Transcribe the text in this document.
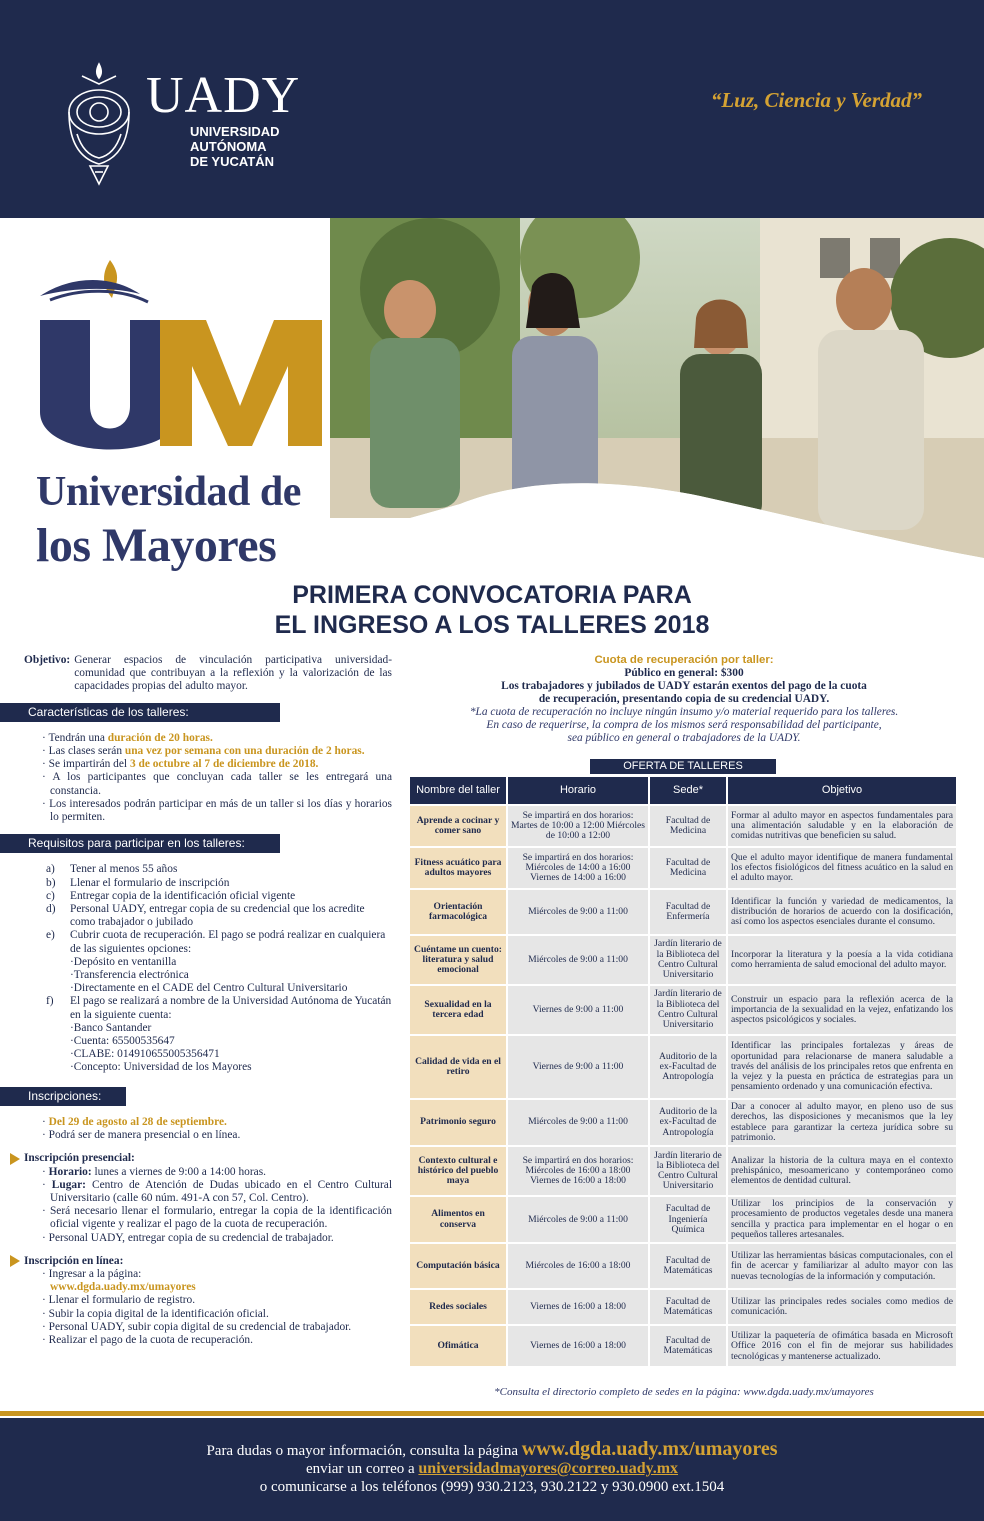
UADY
UNIVERSIDAD
AUTÓNOMA
DE YUCATÁN
“Luz, Ciencia y Verdad”
Universidad de
los Mayores
PRIMERA CONVOCATORIA PARA
EL INGRESO A LOS TALLERES 2018
Objetivo: Generar espacios de vinculación participativa universidad-comunidad que contribuyan a la reflexión y la valorización de las capacidades propias del adulto mayor.
Características de los talleres:
· Tendrán una duración de 20 horas.
· Las clases serán una vez por semana con una duración de 2 horas.
· Se impartirán del 3 de octubre al 7 de diciembre de 2018.
· A los participantes que concluyan cada taller se les entregará una constancia.
· Los interesados podrán participar en más de un taller si los días y horarios lo permiten.
Requisitos para participar en los talleres:
a)	Tener al menos 55 años
b)	Llenar el formulario de inscripción
c)	Entregar copia de la identificación oficial vigente
d)	Personal UADY, entregar copia de su credencial que los acredite como trabajador o jubilado
e)	Cubrir cuota de recuperación. El pago se podrá realizar en cualquiera de las siguientes opciones:
· Depósito en ventanilla
· Transferencia electrónica
· Directamente en el CADE del Centro Cultural Universitario
f)	El pago se realizará a nombre de la Universidad Autónoma de Yucatán en la siguiente cuenta:
· Banco Santander
· Cuenta: 65500535647
· CLABE: 014910655005356471
· Concepto: Universidad de los Mayores
Inscripciones:
· Del 29 de agosto al 28 de septiembre.
· Podrá ser de manera presencial o en línea.
Inscripción presencial:
· Horario: lunes a viernes de 9:00 a 14:00 horas.
· Lugar: Centro de Atención de Dudas ubicado en el Centro Cultural Universitario (calle 60 núm. 491-A con 57, Col. Centro).
· Será necesario llenar el formulario, entregar la copia de la identificación oficial vigente y realizar el pago de la cuota de recuperación.
· Personal UADY, entregar copia de su credencial de trabajador.
Inscripción en línea:
· Ingresar a la página:
www.dgda.uady.mx/umayores
· Llenar el formulario de registro.
· Subir la copia digital de la identificación oficial.
· Personal UADY, subir copia digital de su credencial de trabajador.
· Realizar el pago de la cuota de recuperación.
Cuota de recuperación por taller:
Público en general: $300
Los trabajadores y jubilados de UADY estarán exentos del pago de la cuota
de recuperación, presentando copia de su credencial UADY.
*La cuota de recuperación no incluye ningún insumo y/o material requerido para los talleres.
En caso de requerirse, la compra de los mismos será responsabilidad del participante,
sea público en general o trabajadores de la UADY.
OFERTA DE TALLERES
Nombre del taller	Horario	Sede*	Objetivo
Aprende a cocinar y comer sano	Se impartirá en dos horarios: Martes de 10:00 a 12:00 Miércoles de 10:00 a 12:00	Facultad de Medicina	Formar al adulto mayor en aspectos fundamentales para una alimentación saludable y en la elaboración de comidas nutritivas que beneficien su salud.
Fitness acuático para adultos mayores	Se impartirá en dos horarios: Miércoles de 14:00 a 16:00 Viernes de 14:00 a 16:00	Facultad de Medicina	Que el adulto mayor identifique de manera fundamental los efectos fisiológicos del fitness acuático en la salud en el adulto mayor.
Orientación farmacológica	Miércoles de 9:00 a 11:00	Facultad de Enfermería	Identificar la función y variedad de medicamentos, la distribución de horarios de acuerdo con la dosificación, así como los aspectos esenciales durante el consumo.
Cuéntame un cuento: literatura y salud emocional	Miércoles de 9:00 a 11:00	Jardín literario de la Biblioteca del Centro Cultural Universitario	Incorporar la literatura y la poesía a la vida cotidiana como herramienta de salud emocional del adulto mayor.
Sexualidad en la tercera edad	Viernes de 9:00 a 11:00	Jardín literario de la Biblioteca del Centro Cultural Universitario	Construir un espacio para la reflexión acerca de la importancia de la sexualidad en la vejez, enfatizando los aspectos psicológicos y sociales.
Calidad de vida en el retiro	Viernes de 9:00 a 11:00	Auditorio de la ex-Facultad de Antropología	Identificar las principales fortalezas y áreas de oportunidad para relacionarse de manera saludable a través del análisis de los principales retos que enfrenta en la vejez y la puesta en práctica de estrategias para un pensamiento ordenado y una comunicación efectiva.
Patrimonio seguro	Miércoles de 9:00 a 11:00	Auditorio de la ex-Facultad de Antropología	Dar a conocer al adulto mayor, en pleno uso de sus derechos, las disposiciones y mecanismos que la ley establece para garantizar la certeza jurídica sobre su patrimonio.
Contexto cultural e histórico del pueblo maya	Se impartirá en dos horarios: Miércoles de 16:00 a 18:00 Viernes de 16:00 a 18:00	Jardín literario de la Biblioteca del Centro Cultural Universitario	Analizar la historia de la cultura maya en el contexto prehispánico, mesoamericano y contemporáneo como elementos de dentidad cultural.
Alimentos en conserva	Miércoles de 9:00 a 11:00	Facultad de Ingeniería Química	Utilizar los principios de la conservación y procesamiento de productos vegetales desde una manera sencilla y practica para implementar en el hogar o en pequeños talleres artesanales.
Computación básica	Miércoles de 16:00 a 18:00	Facultad de Matemáticas	Utilizar las herramientas básicas computacionales, con el fin de acercar y familiarizar al adulto mayor con las nuevas tecnologías de la información y computación.
Redes sociales	Viernes de 16:00 a 18:00	Facultad de Matemáticas	Utilizar las principales redes sociales como medios de comunicación.
Ofimática	Viernes de 16:00 a 18:00	Facultad de Matemáticas	Utilizar la paquetería de ofimática basada en Microsoft Office 2016 con el fin de mejorar sus habilidades tecnológicas y mantenerse actualizado.
*Consulta el directorio completo de sedes en la página: www.dgda.uady.mx/umayores
Para dudas o mayor información, consulta la página www.dgda.uady.mx/umayores
enviar un correo a universidadmayores@correo.uady.mx
o comunicarse a los teléfonos (999) 930.2123, 930.2122 y 930.0900 ext.1504
